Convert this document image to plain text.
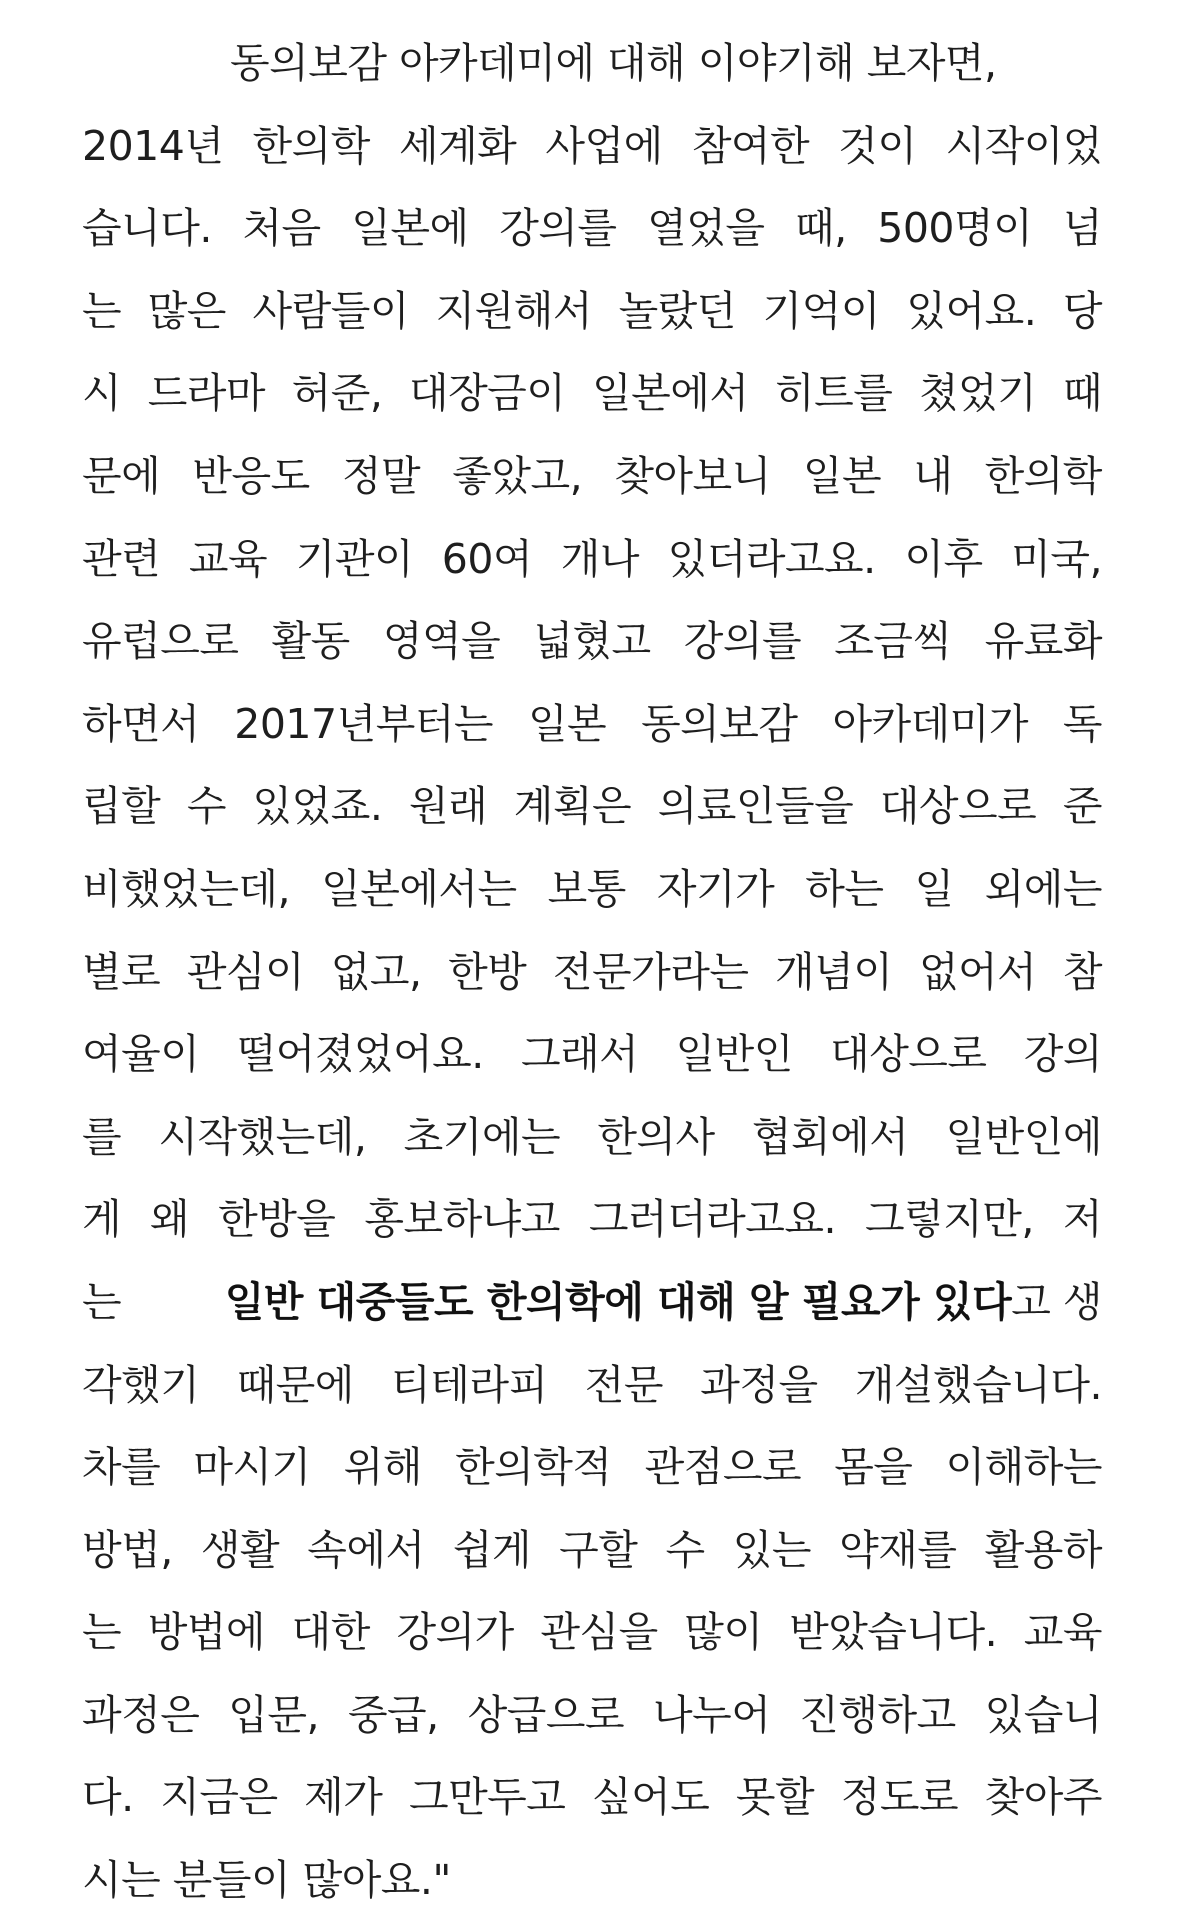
동의보감 아카데미에 대해 이야기해 보자면,
2014년 한의학 세계화 사업에 참여한 것이 시작이었
습니다. 처음 일본에 강의를 열었을 때, 500명이 넘
는 많은 사람들이 지원해서 놀랐던 기억이 있어요. 당
시 드라마 허준, 대장금이 일본에서 히트를 쳤었기 때
문에 반응도 정말 좋았고, 찾아보니 일본 내 한의학
관련 교육 기관이 60여 개나 있더라고요. 이후 미국,
유럽으로 활동 영역을 넓혔고 강의를 조금씩 유료화
하면서 2017년부터는 일본 동의보감 아카데미가 독
립할 수 있었죠. 원래 계획은 의료인들을 대상으로 준
비했었는데, 일본에서는 보통 자기가 하는 일 외에는
별로 관심이 없고, 한방 전문가라는 개념이 없어서 참
여율이 떨어졌었어요. 그래서 일반인 대상으로 강의
를 시작했는데, 초기에는 한의사 협회에서 일반인에
게 왜 한방을 홍보하냐고 그러더라고요. 그렇지만, 저
는	일반 대중들도 한의학에 대해 알 필요가 있다 고 생
각했기 때문에 티테라피 전문 과정을 개설했습니다.
차를 마시기 위해 한의학적 관점으로 몸을 이해하는
방법, 생활 속에서 쉽게 구할 수 있는 약재를 활용하
는 방법에 대한 강의가 관심을 많이 받았습니다. 교육
과정은 입문, 중급, 상급으로 나누어 진행하고 있습니
다. 지금은 제가 그만두고 싶어도 못할 정도로 찾아주
시는 분들이 많아요."
